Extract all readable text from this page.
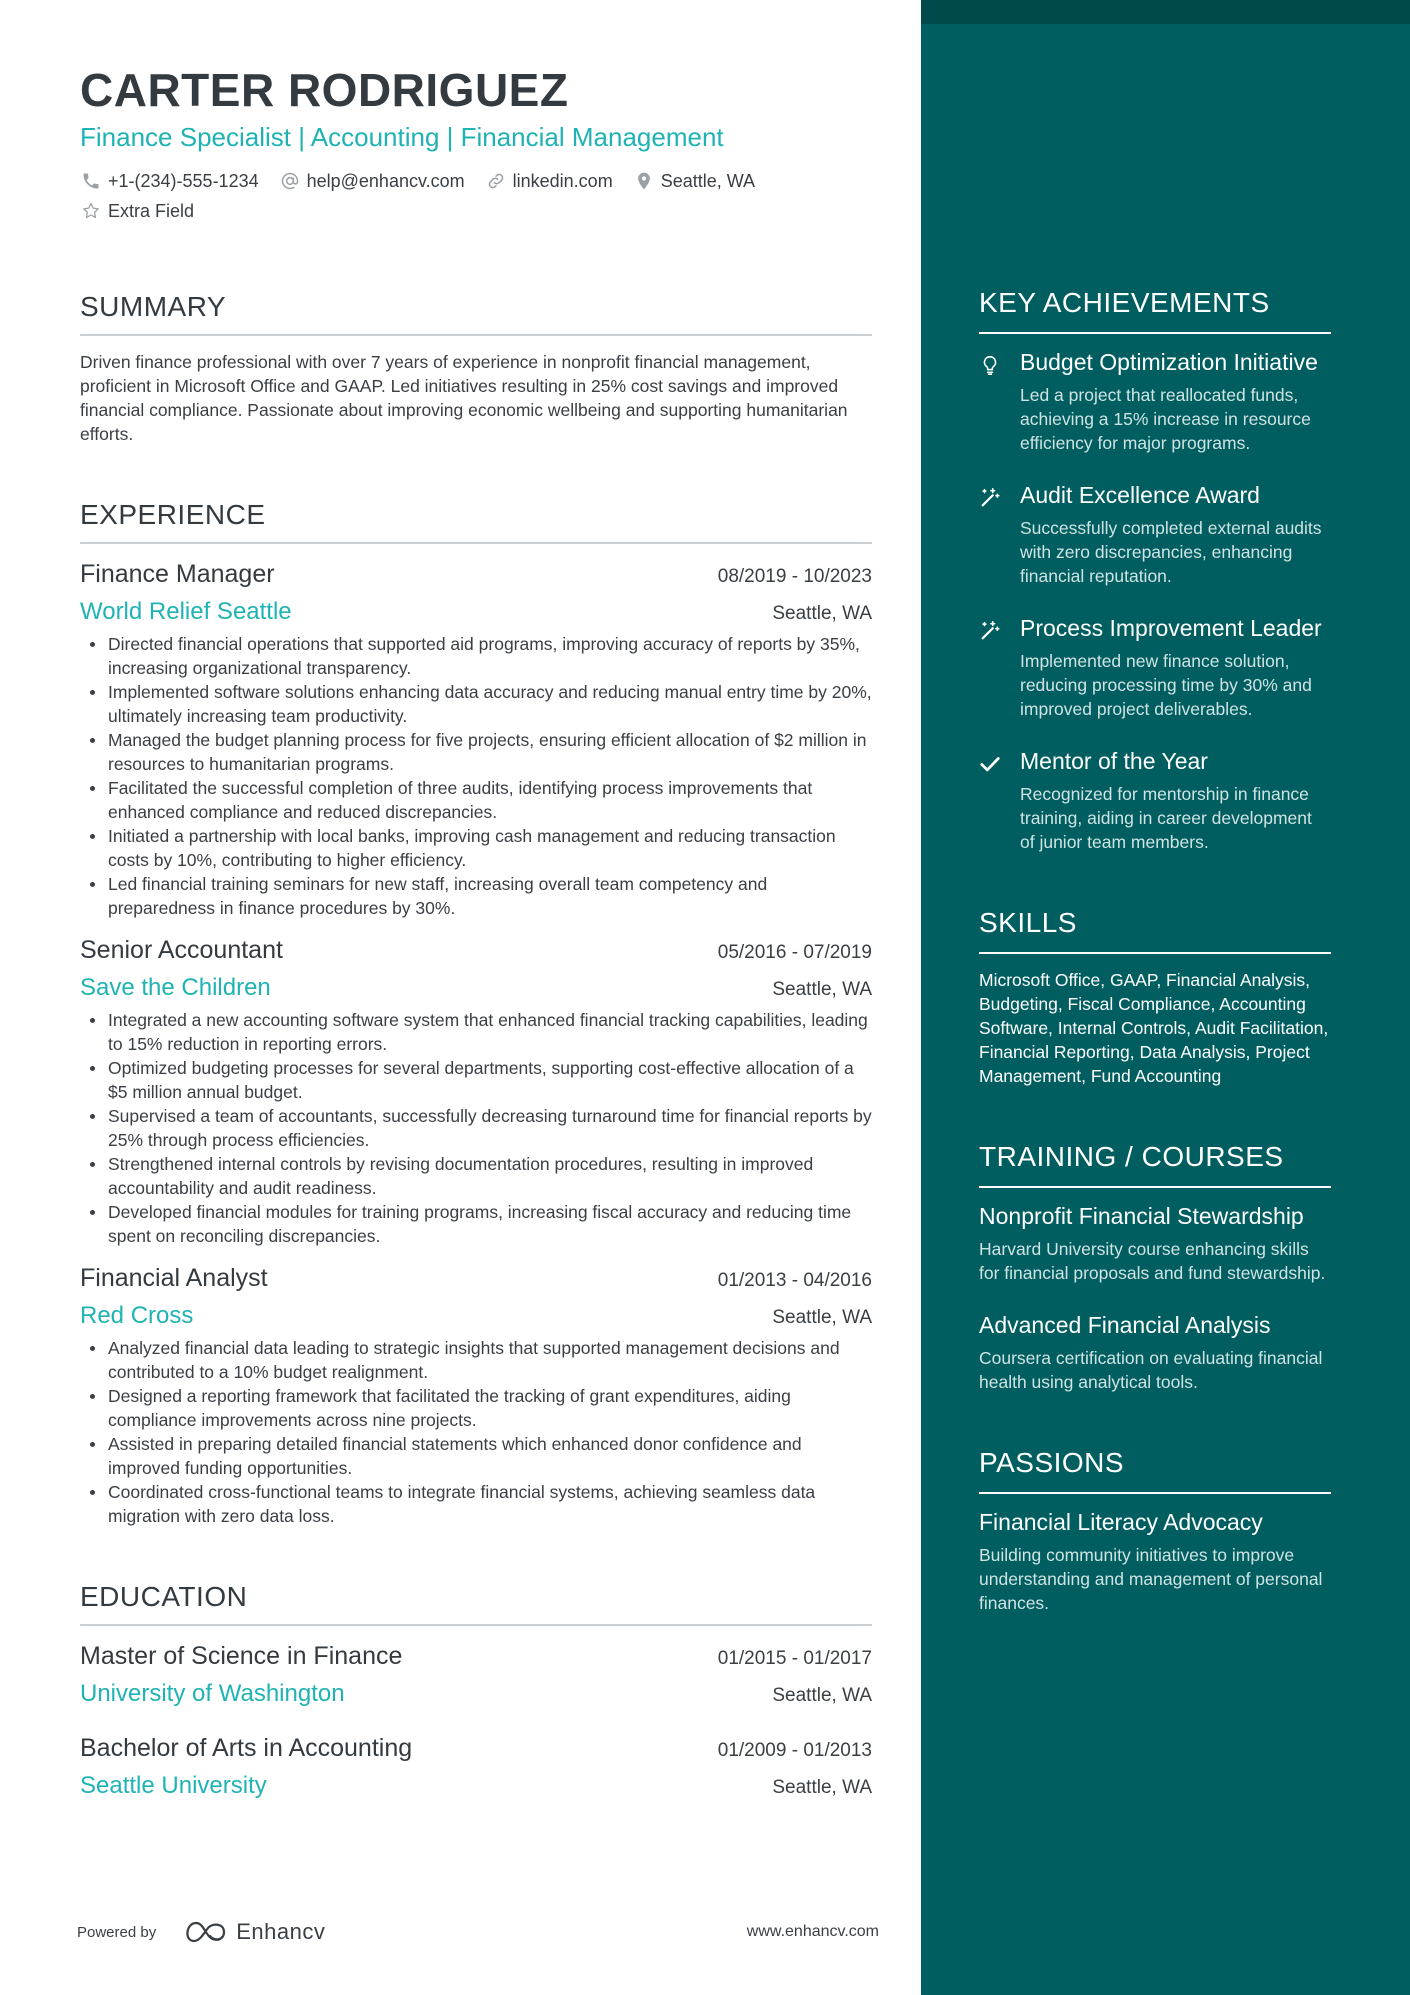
CARTER RODRIGUEZ
Finance Specialist | Accounting | Financial Management
+1-(234)-555-1234	help@enhancv.com	linkedin.com	Seattle, WA
Extra Field
SUMMARY
Driven finance professional with over 7 years of experience in nonprofit financial management, proficient in Microsoft Office and GAAP. Led initiatives resulting in 25% cost savings and improved financial compliance. Passionate about improving economic wellbeing and supporting humanitarian efforts.
EXPERIENCE
Finance Manager	08/2019 - 10/2023
World Relief Seattle	Seattle, WA
Directed financial operations that supported aid programs, improving accuracy of reports by 35%, increasing organizational transparency.
Implemented software solutions enhancing data accuracy and reducing manual entry time by 20%, ultimately increasing team productivity.
Managed the budget planning process for five projects, ensuring efficient allocation of $2 million in resources to humanitarian programs.
Facilitated the successful completion of three audits, identifying process improvements that enhanced compliance and reduced discrepancies.
Initiated a partnership with local banks, improving cash management and reducing transaction costs by 10%, contributing to higher efficiency.
Led financial training seminars for new staff, increasing overall team competency and preparedness in finance procedures by 30%.
Senior Accountant	05/2016 - 07/2019
Save the Children	Seattle, WA
Integrated a new accounting software system that enhanced financial tracking capabilities, leading to 15% reduction in reporting errors.
Optimized budgeting processes for several departments, supporting cost-effective allocation of a $5 million annual budget.
Supervised a team of accountants, successfully decreasing turnaround time for financial reports by 25% through process efficiencies.
Strengthened internal controls by revising documentation procedures, resulting in improved accountability and audit readiness.
Developed financial modules for training programs, increasing fiscal accuracy and reducing time spent on reconciling discrepancies.
Financial Analyst	01/2013 - 04/2016
Red Cross	Seattle, WA
Analyzed financial data leading to strategic insights that supported management decisions and contributed to a 10% budget realignment.
Designed a reporting framework that facilitated the tracking of grant expenditures, aiding compliance improvements across nine projects.
Assisted in preparing detailed financial statements which enhanced donor confidence and improved funding opportunities.
Coordinated cross-functional teams to integrate financial systems, achieving seamless data migration with zero data loss.
EDUCATION
Master of Science in Finance	01/2015 - 01/2017
University of Washington	Seattle, WA
Bachelor of Arts in Accounting	01/2009 - 01/2013
Seattle University	Seattle, WA
Powered by	Enhancv	www.enhancv.com
KEY ACHIEVEMENTS
Budget Optimization Initiative
Led a project that reallocated funds, achieving a 15% increase in resource efficiency for major programs.
Audit Excellence Award
Successfully completed external audits with zero discrepancies, enhancing financial reputation.
Process Improvement Leader
Implemented new finance solution, reducing processing time by 30% and improved project deliverables.
Mentor of the Year
Recognized for mentorship in finance training, aiding in career development of junior team members.
SKILLS
Microsoft Office, GAAP, Financial Analysis, Budgeting, Fiscal Compliance, Accounting Software, Internal Controls, Audit Facilitation, Financial Reporting, Data Analysis, Project Management, Fund Accounting
TRAINING / COURSES
Nonprofit Financial Stewardship
Harvard University course enhancing skills for financial proposals and fund stewardship.
Advanced Financial Analysis
Coursera certification on evaluating financial health using analytical tools.
PASSIONS
Financial Literacy Advocacy
Building community initiatives to improve understanding and management of personal finances.
